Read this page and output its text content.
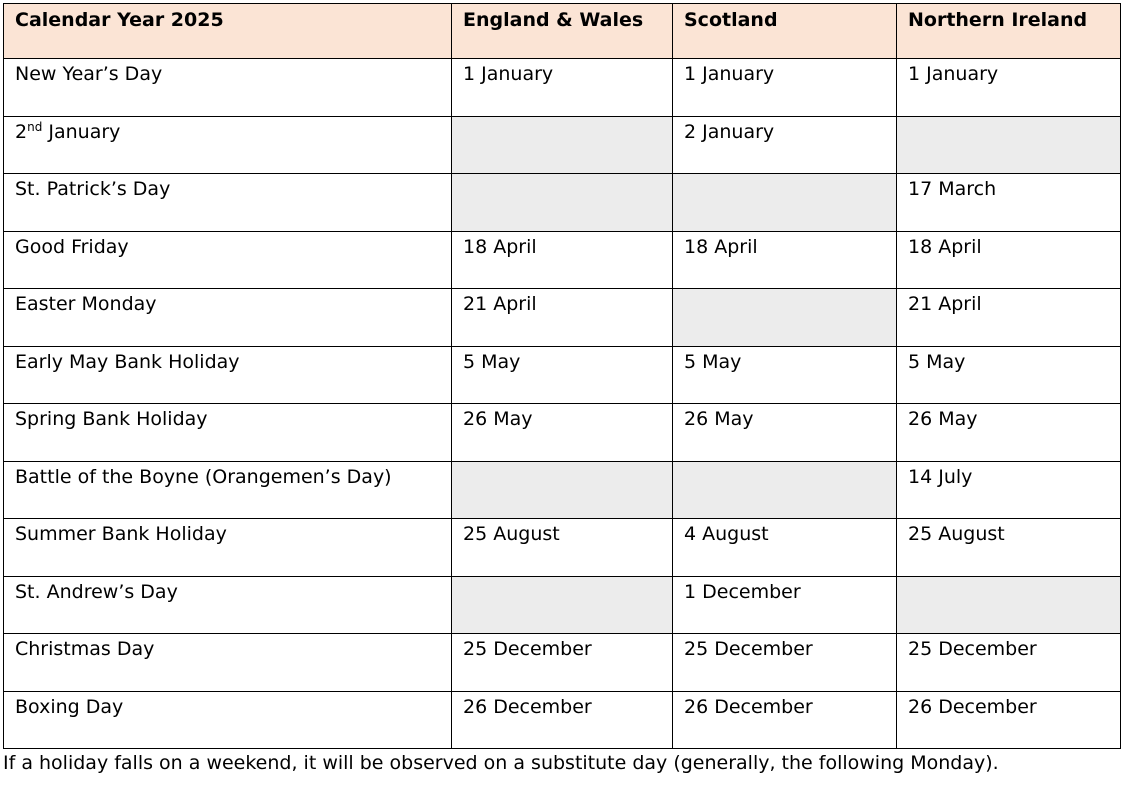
Calendar Year 2025	England & Wales	Scotland	Northern Ireland
New Year’s Day	1 January	1 January	1 January
2nd January		2 January	
St. Patrick’s Day			17 March
Good Friday	18 April	18 April	18 April
Easter Monday	21 April		21 April
Early May Bank Holiday	5 May	5 May	5 May
Spring Bank Holiday	26 May	26 May	26 May
Battle of the Boyne (Orangemen’s Day)			14 July
Summer Bank Holiday	25 August	4 August	25 August
St. Andrew’s Day		1 December	
Christmas Day	25 December	25 December	25 December
Boxing Day	26 December	26 December	26 December

If a holiday falls on a weekend, it will be observed on a substitute day (generally, the following Monday).
